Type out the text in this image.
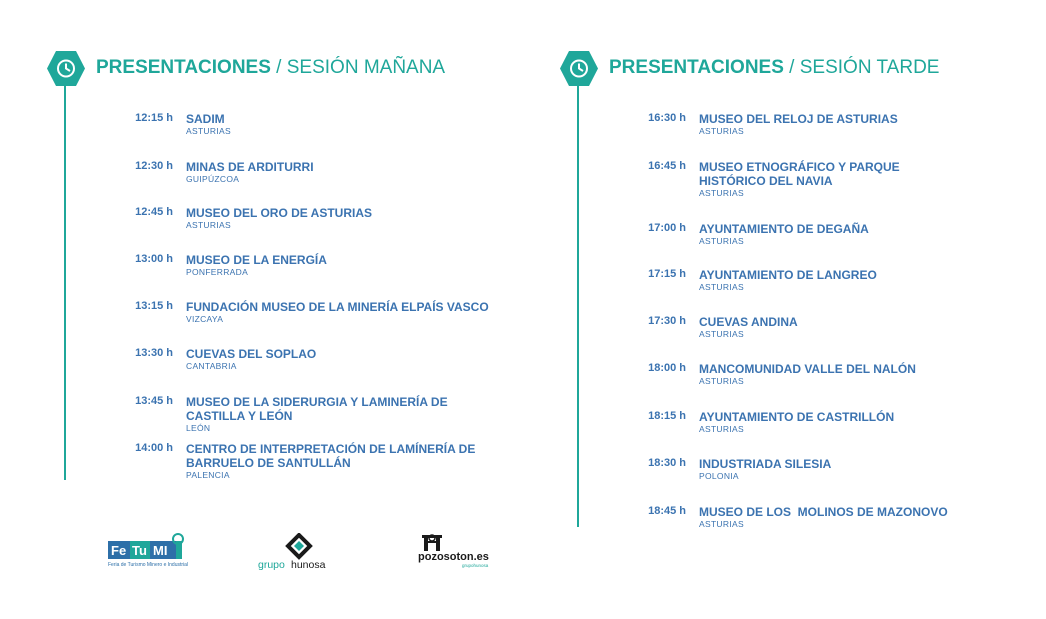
PRESENTACIONES / SESIÓN MAÑANA
12:15 h SADIM
ASTURIAS
12:30 h MINAS DE ARDITURRI
GUIPÚZCOA
12:45 h MUSEO DEL ORO DE ASTURIAS
ASTURIAS
13:00 h MUSEO DE LA ENERGÍA
PONFERRADA
13:15 h FUNDACIÓN MUSEO DE LA MINERÍA ELPAÍS VASCO
VIZCAYA
13:30 h CUEVAS DEL SOPLAO
CANTABRIA
13:45 h MUSEO DE LA SIDERURGIA Y LAMINERÍA DE CASTILLA Y LEÓN
LEÓN
14:00 h CENTRO DE INTERPRETACIÓN DE LAMÍNERÍA DE BARRUELO DE SANTULLÁN
PALENCIA
PRESENTACIONES / SESIÓN TARDE
16:30 h MUSEO DEL RELOJ DE ASTURIAS
ASTURIAS
16:45 h MUSEO ETNOGRÁFICO Y PARQUE HISTÓRICO DEL NAVIA
ASTURIAS
17:00 h AYUNTAMIENTO DE DEGAÑA
ASTURIAS
17:15 h AYUNTAMIENTO DE LANGREO
ASTURIAS
17:30 h CUEVAS ANDINA
ASTURIAS
18:00 h MANCOMUNIDAD VALLE DEL NALÓN
ASTURIAS
18:15 h AYUNTAMIENTO DE CASTRILLÓN
ASTURIAS
18:30 h INDUSTRIADA SILESIA
POLONIA
18:45 h MUSEO DE LOS  MOLINOS DE MAZONOVO
ASTURIAS
Fe Tu MI
Feria de Turismo Minero e Industrial	grupo hunosa
pozosoton.es
grupohunosa
